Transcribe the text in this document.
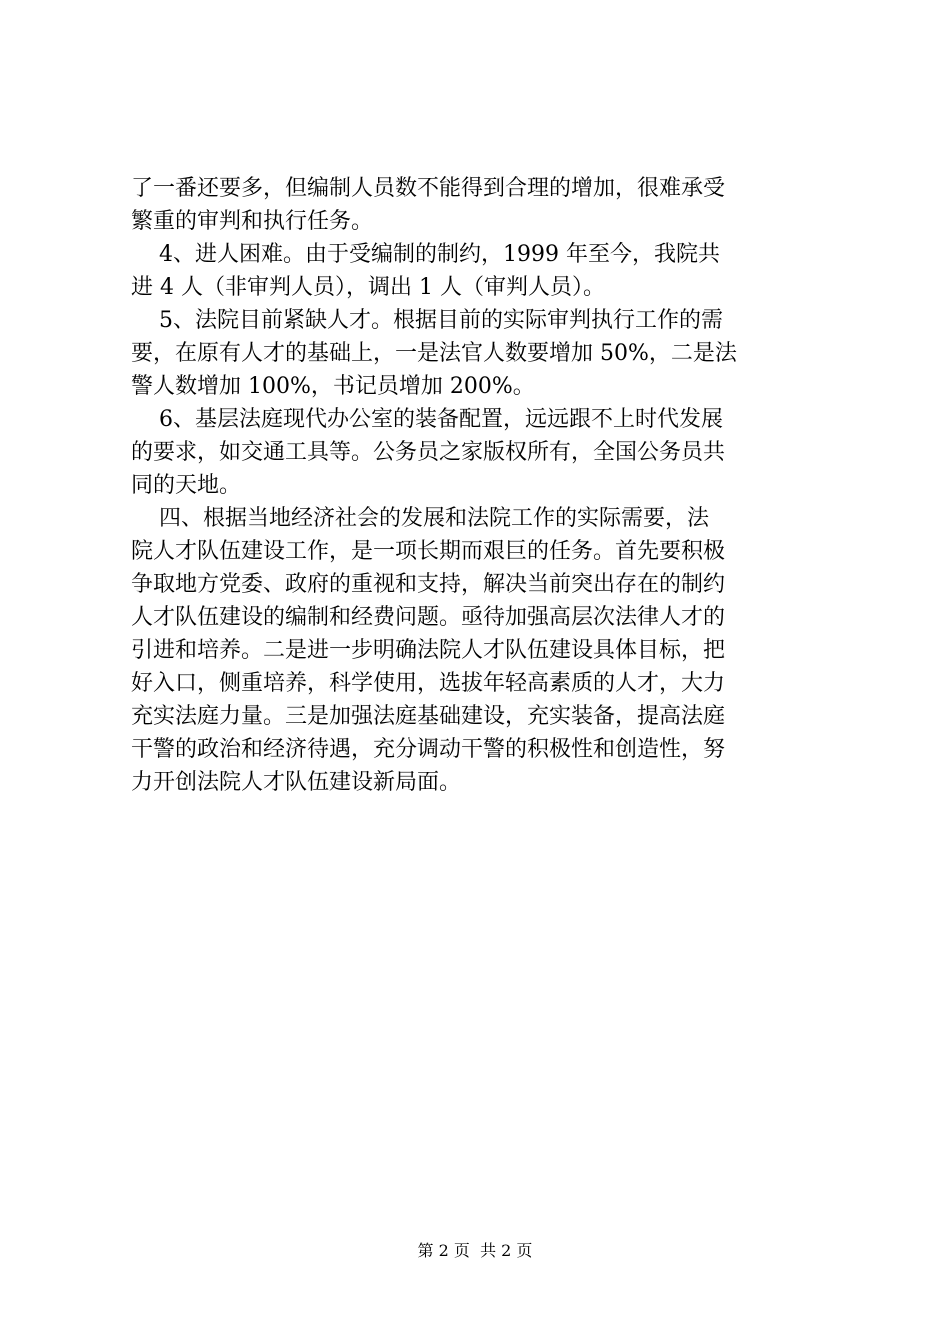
了一番还要多，但编制人员数不能得到合理的增加，很难承受
繁重的审判和执行任务。
4、进人困难。由于受编制的制约，1999 年至今，我院共
进 4 人（非审判人员），调出 1 人（审判人员）。
5、法院目前紧缺人才。根据目前的实际审判执行工作的需
要，在原有人才的基础上，一是法官人数要增加 50%，二是法
警人数增加 100%，书记员增加 200%。
6、基层法庭现代办公室的装备配置，远远跟不上时代发展
的要求，如交通工具等。公务员之家版权所有，全国公务员共
同的天地。
四、根据当地经济社会的发展和法院工作的实际需要，法
院人才队伍建设工作，是一项长期而艰巨的任务。首先要积极
争取地方党委、政府的重视和支持，解决当前突出存在的制约
人才队伍建设的编制和经费问题。亟待加强高层次法律人才的
引进和培养。二是进一步明确法院人才队伍建设具体目标，把
好入口，侧重培养，科学使用，选拔年轻高素质的人才，大力
充实法庭力量。三是加强法庭基础建设，充实装备，提高法庭
干警的政治和经济待遇，充分调动干警的积极性和创造性，努
力开创法院人才队伍建设新局面。
第 2 页  共 2 页
